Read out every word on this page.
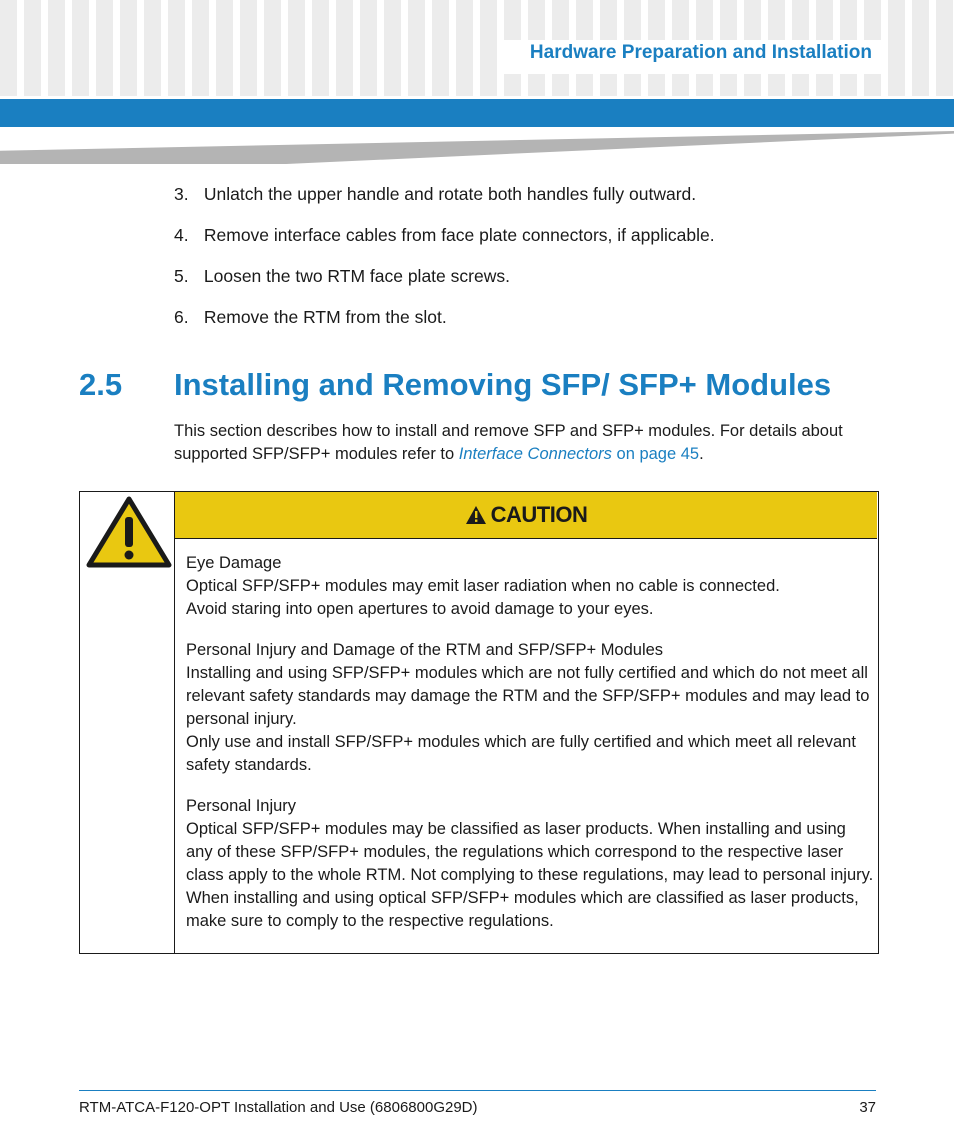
Hardware Preparation and Installation
3. Unlatch the upper handle and rotate both handles fully outward.
4. Remove interface cables from face plate connectors, if applicable.
5. Loosen the two RTM face plate screws.
6. Remove the RTM from the slot.
2.5 Installing and Removing SFP/ SFP+ Modules
This section describes how to install and remove SFP and SFP+ modules. For details about supported SFP/SFP+ modules refer to Interface Connectors on page 45.
CAUTION
Eye Damage
Optical SFP/SFP+ modules may emit laser radiation when no cable is connected.
Avoid staring into open apertures to avoid damage to your eyes.
Personal Injury and Damage of the RTM and SFP/SFP+ Modules
Installing and using SFP/SFP+ modules which are not fully certified and which do not meet all relevant safety standards may damage the RTM and the SFP/SFP+ modules and may lead to personal injury.
Only use and install SFP/SFP+ modules which are fully certified and which meet all relevant safety standards.
Personal Injury
Optical SFP/SFP+ modules may be classified as laser products. When installing and using any of these SFP/SFP+ modules, the regulations which correspond to the respective laser class apply to the whole RTM. Not complying to these regulations, may lead to personal injury.
When installing and using optical SFP/SFP+ modules which are classified as laser products, make sure to comply to the respective regulations.
RTM-ATCA-F120-OPT Installation and Use (6806800G29D)	37
